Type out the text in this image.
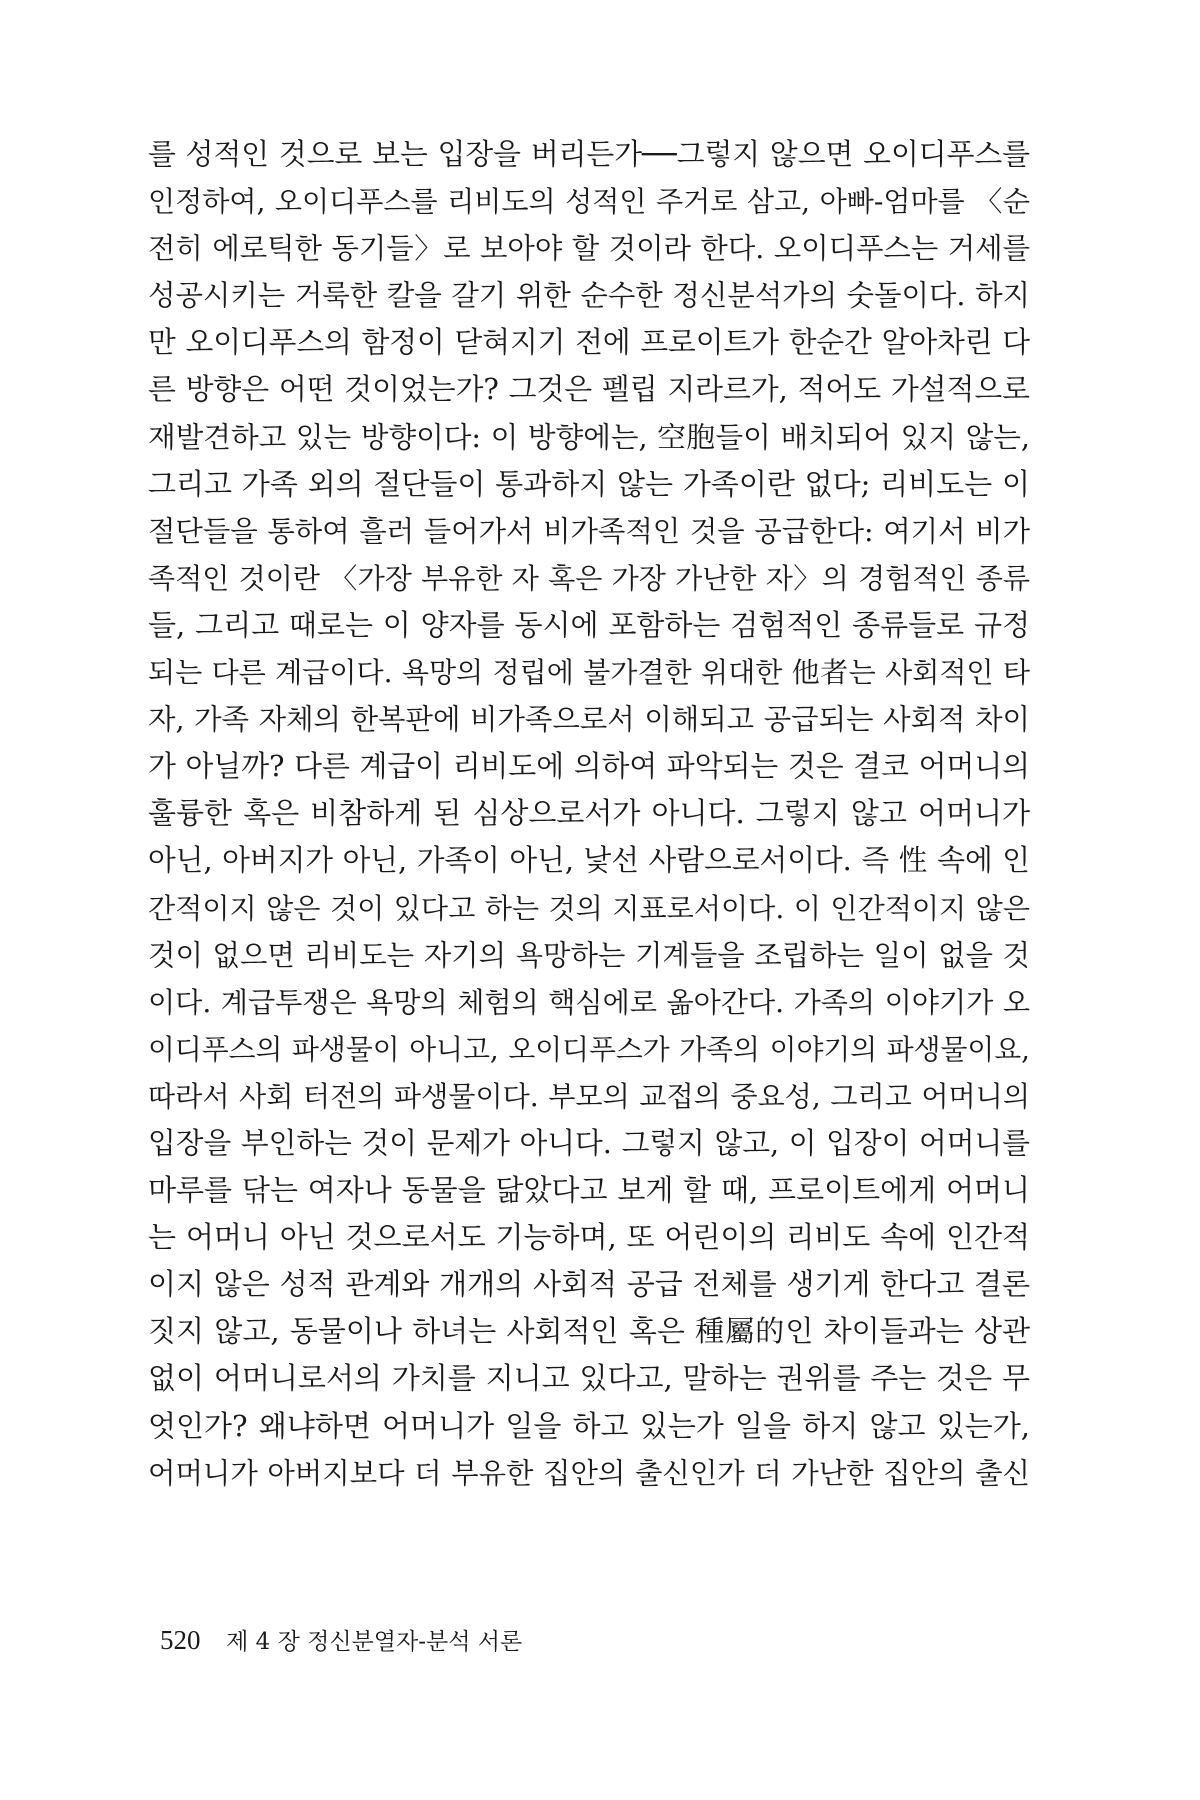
를 성적인 것으로 보는 입장을 버리든가──그렇지 않으면 오이디푸스를
인정하여, 오이디푸스를 리비도의 성적인 주거로 삼고, 아빠-엄마를 〈순
전히 에로틱한 동기들〉로 보아야 할 것이라 한다. 오이디푸스는 거세를
성공시키는 거룩한 칼을 갈기 위한 순수한 정신분석가의 숫돌이다. 하지
만 오이디푸스의 함정이 닫혀지기 전에 프로이트가 한순간 알아차린 다
른 방향은 어떤 것이었는가? 그것은 펠립 지라르가, 적어도 가설적으로
재발견하고 있는 방향이다: 이 방향에는, 空胞들이 배치되어 있지 않는,
그리고 가족 외의 절단들이 통과하지 않는 가족이란 없다; 리비도는 이
절단들을 통하여 흘러 들어가서 비가족적인 것을 공급한다: 여기서 비가
족적인 것이란 〈가장 부유한 자 혹은 가장 가난한 자〉의 경험적인 종류
들, 그리고 때로는 이 양자를 동시에 포함하는 검험적인 종류들로 규정
되는 다른 계급이다. 욕망의 정립에 불가결한 위대한 他者는 사회적인 타
자, 가족 자체의 한복판에 비가족으로서 이해되고 공급되는 사회적 차이
가 아닐까? 다른 계급이 리비도에 의하여 파악되는 것은 결코 어머니의
훌륭한 혹은 비참하게 된 심상으로서가 아니다. 그렇지 않고 어머니가
아닌, 아버지가 아닌, 가족이 아닌, 낯선 사람으로서이다. 즉 性 속에 인
간적이지 않은 것이 있다고 하는 것의 지표로서이다. 이 인간적이지 않은
것이 없으면 리비도는 자기의 욕망하는 기계들을 조립하는 일이 없을 것
이다. 계급투쟁은 욕망의 체험의 핵심에로 옮아간다. 가족의 이야기가 오
이디푸스의 파생물이 아니고, 오이디푸스가 가족의 이야기의 파생물이요,
따라서 사회 터전의 파생물이다. 부모의 교접의 중요성, 그리고 어머니의
입장을 부인하는 것이 문제가 아니다. 그렇지 않고, 이 입장이 어머니를
마루를 닦는 여자나 동물을 닮았다고 보게 할 때, 프로이트에게 어머니
는 어머니 아닌 것으로서도 기능하며, 또 어린이의 리비도 속에 인간적
이지 않은 성적 관계와 개개의 사회적 공급 전체를 생기게 한다고 결론
짓지 않고, 동물이나 하녀는 사회적인 혹은 種屬的인 차이들과는 상관
없이 어머니로서의 가치를 지니고 있다고, 말하는 권위를 주는 것은 무
엇인가? 왜냐하면 어머니가 일을 하고 있는가 일을 하지 않고 있는가,
어머니가 아버지보다 더 부유한 집안의 출신인가 더 가난한 집안의 출신
520 제 4 장 정신분열자-분석 서론
